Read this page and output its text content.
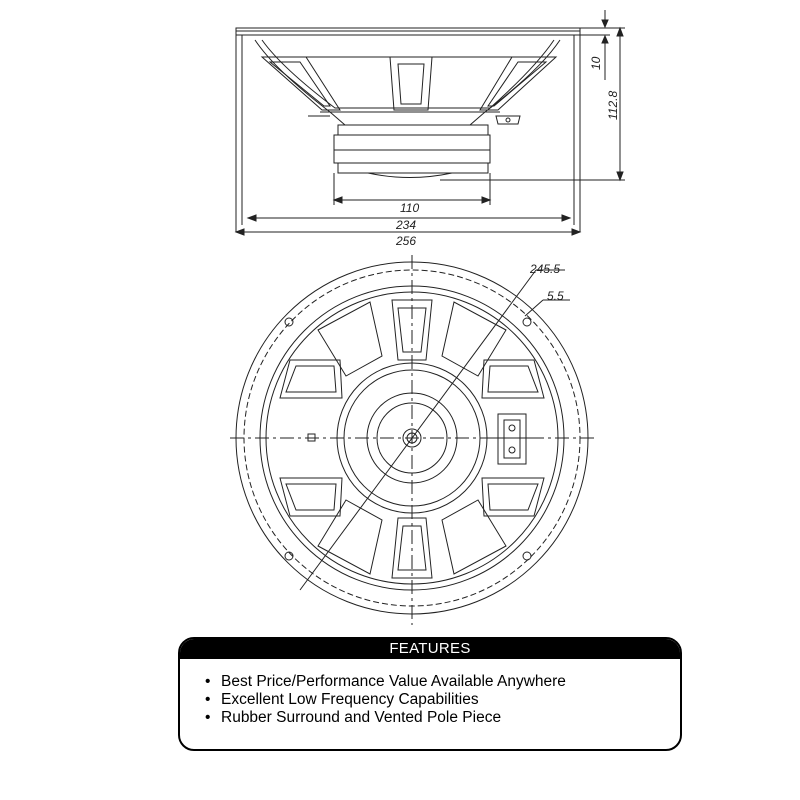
10
112.8
110
234
256
245.5
5.5
FEATURES
• Best Price/Performance Value Available Anywhere
• Excellent Low Frequency Capabilities
• Rubber Surround and Vented Pole Piece
